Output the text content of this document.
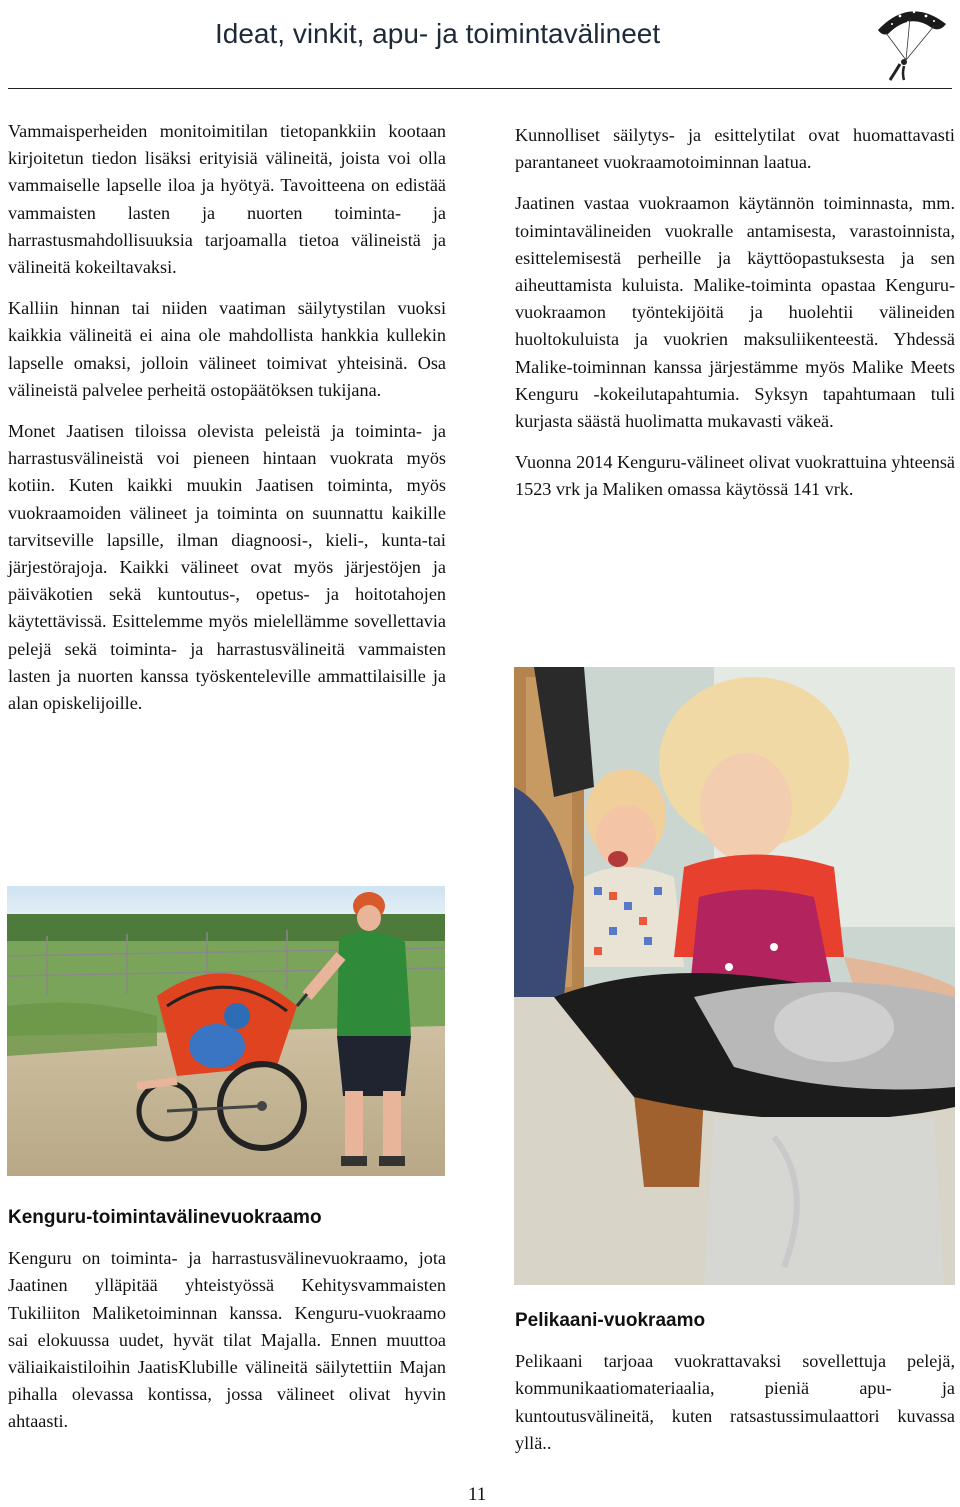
Ideat, vinkit, apu- ja toimintavälineet

Vammaisperheiden monitoimitilan tietopankkiin kootaan kirjoitetun tiedon lisäksi erityisiä välineitä, joista voi olla vammaiselle lapselle iloa ja hyötyä. Tavoitteena on edistää vammaisten lasten ja nuorten toiminta- ja harrastusmahdollisuuksia tarjoamalla tietoa välineistä ja välineitä kokeiltavaksi.

Kalliin hinnan tai niiden vaatiman säilytystilan vuoksi kaikkia välineitä ei aina ole mahdollista hankkia kullekin lapselle omaksi, jolloin välineet toimivat yhteisinä. Osa välineistä palvelee perheitä ostopäätöksen tukijana.

Monet Jaatisen tiloissa olevista peleistä ja toiminta- ja harrastusvälineistä voi pieneen hintaan vuokrata myös kotiin. Kuten kaikki muukin Jaatisen toiminta, myös vuokraamoiden välineet ja toiminta on suunnattu kaikille tarvitseville lapsille, ilman diagnoosi-, kieli-, kunta-tai järjestörajoja. Kaikki välineet ovat myös järjestöjen ja päiväkotien sekä kuntoutus-, opetus- ja hoitotahojen käytettävissä. Esittelemme myös mielellämme sovellettavia pelejä sekä toiminta- ja harrastusvälineitä vammaisten lasten ja nuorten kanssa työskenteleville ammattilaisille ja alan opiskelijoille.

Kunnolliset säilytys- ja esittelytilat ovat huomattavasti parantaneet vuokraamotoiminnan laatua.

Jaatinen vastaa vuokraamon käytännön toiminnasta, mm. toimintavälineiden vuokralle antamisesta, varastoinnista, esittelemisestä perheille ja käyttöopastuksesta ja sen aiheuttamista kuluista. Malike-toiminta opastaa Kenguru-vuokraamon työntekijöitä ja huolehtii välineiden huoltokuluista ja vuokrien maksuliikenteestä. Yhdessä Malike-toiminnan kanssa järjestämme myös Malike Meets Kenguru -kokeilutapahtumia. Syksyn tapahtumaan tuli kurjasta säästä huolimatta mukavasti väkeä.

Vuonna 2014 Kenguru-välineet olivat vuokrattuina yhteensä 1523 vrk ja Maliken omassa käytössä 141 vrk.

Kenguru-toimintavälinevuokraamo

Kenguru on toiminta- ja harrastusvälinevuokraamo, jota Jaatinen ylläpitää yhteistyössä Kehitysvammaisten Tukiliiton Maliketoiminnan kanssa. Kenguru-vuokraamo sai elokuussa uudet, hyvät tilat Majalla. Ennen muuttoa väliaikaistiloihin JaatisKlubille välineitä säilytettiin Majan pihalla olevassa kontissa, jossa välineet olivat hyvin ahtaasti.

Pelikaani-vuokraamo

Pelikaani tarjoaa vuokrattavaksi sovellettuja pelejä, kommunikaatiomateriaalia, pieniä apu- ja kuntoutusvälineitä, kuten ratsastussimulaattori kuvassa yllä..

11
